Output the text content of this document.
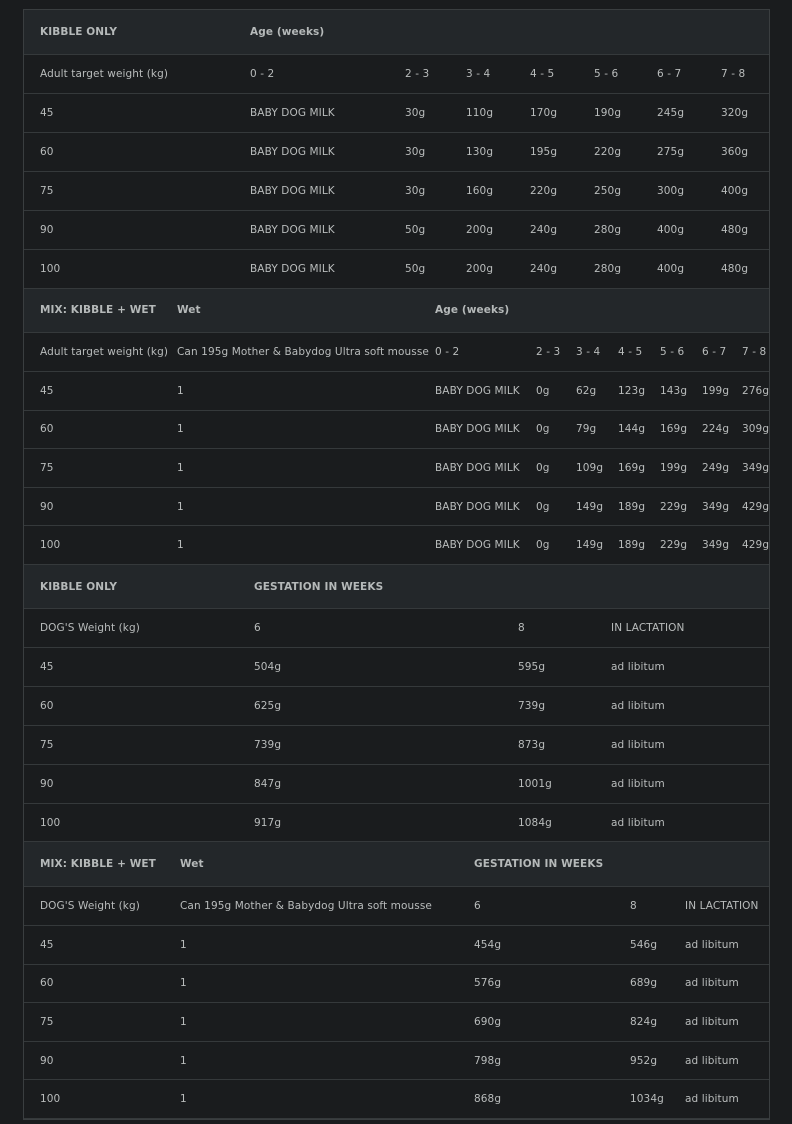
KIBBLE ONLY	Age (weeks)						
Adult target weight (kg)	0 - 2	2 - 3	3 - 4	4 - 5	5 - 6	6 - 7	7 - 8
45	BABY DOG MILK	30g	110g	170g	190g	245g	320g
60	BABY DOG MILK	30g	130g	195g	220g	275g	360g
75	BABY DOG MILK	30g	160g	220g	250g	300g	400g
90	BABY DOG MILK	50g	200g	240g	280g	400g	480g
100	BABY DOG MILK	50g	200g	240g	280g	400g	480g
MIX: KIBBLE + WET	Wet	Age (weeks)						
Adult target weight (kg)	Can 195g Mother & Babydog Ultra soft mousse	0 - 2	2 - 3	3 - 4	4 - 5	5 - 6	6 - 7	7 - 8
45	1	BABY DOG MILK	0g	62g	123g	143g	199g	276g
60	1	BABY DOG MILK	0g	79g	144g	169g	224g	309g
75	1	BABY DOG MILK	0g	109g	169g	199g	249g	349g
90	1	BABY DOG MILK	0g	149g	189g	229g	349g	429g
100	1	BABY DOG MILK	0g	149g	189g	229g	349g	429g
KIBBLE ONLY	GESTATION IN WEEKS		
DOG'S Weight (kg)	6	8	IN LACTATION
45	504g	595g	ad libitum
60	625g	739g	ad libitum
75	739g	873g	ad libitum
90	847g	1001g	ad libitum
100	917g	1084g	ad libitum
MIX: KIBBLE + WET	Wet	GESTATION IN WEEKS		
DOG'S Weight (kg)	Can 195g Mother & Babydog Ultra soft mousse	6	8	IN LACTATION
45	1	454g	546g	ad libitum
60	1	576g	689g	ad libitum
75	1	690g	824g	ad libitum
90	1	798g	952g	ad libitum
100	1	868g	1034g	ad libitum
